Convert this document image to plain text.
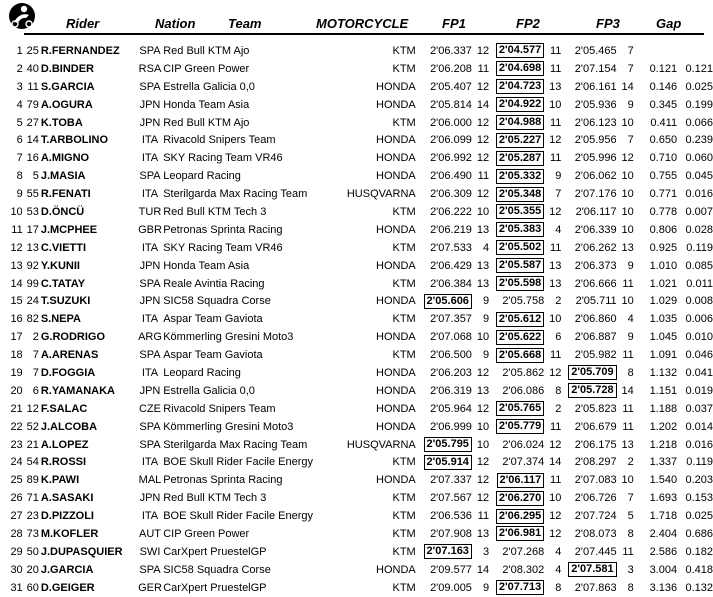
Rider	Nation	Team	MOTORCYCLE	FP1	FP2	FP3	Gap
1	25	R.FERNANDEZ	SPA	Red Bull KTM Ajo	KTM	2'06.337	12	2'04.577	11	2'05.465	7		
2	40	D.BINDER	RSA	CIP Green Power	KTM	2'06.208	11	2'04.698	11	2'07.154	7	0.121	0.121
3	11	S.GARCIA	SPA	Estrella Galicia 0,0	HONDA	2'05.407	12	2'04.723	13	2'06.161	14	0.146	0.025
4	79	A.OGURA	JPN	Honda Team Asia	HONDA	2'05.814	14	2'04.922	10	2'05.936	9	0.345	0.199
5	27	K.TOBA	JPN	Red Bull KTM Ajo	KTM	2'06.000	12	2'04.988	11	2'06.123	10	0.411	0.066
6	14	T.ARBOLINO	ITA	Rivacold Snipers Team	HONDA	2'06.099	12	2'05.227	12	2'05.956	7	0.650	0.239
7	16	A.MIGNO	ITA	SKY Racing Team VR46	HONDA	2'06.992	12	2'05.287	11	2'05.996	12	0.710	0.060
8	5	J.MASIA	SPA	Leopard Racing	HONDA	2'06.490	11	2'05.332	9	2'06.062	10	0.755	0.045
9	55	R.FENATI	ITA	Sterilgarda Max Racing Team	HUSQVARNA	2'06.309	12	2'05.348	7	2'07.176	10	0.771	0.016
10	53	D.ÖNCÜ	TUR	Red Bull KTM Tech 3	KTM	2'06.222	10	2'05.355	12	2'06.117	10	0.778	0.007
11	17	J.MCPHEE	GBR	Petronas Sprinta Racing	HONDA	2'06.219	13	2'05.383	4	2'06.339	10	0.806	0.028
12	13	C.VIETTI	ITA	SKY Racing Team VR46	KTM	2'07.533	4	2'05.502	11	2'06.262	13	0.925	0.119
13	92	Y.KUNII	JPN	Honda Team Asia	HONDA	2'06.429	13	2'05.587	13	2'06.373	9	1.010	0.085
14	99	C.TATAY	SPA	Reale Avintia Racing	KTM	2'06.384	13	2'05.598	13	2'06.666	11	1.021	0.011
15	24	T.SUZUKI	JPN	SIC58 Squadra Corse	HONDA	2'05.606	9	2'05.758	2	2'05.711	10	1.029	0.008
16	82	S.NEPA	ITA	Aspar Team Gaviota	KTM	2'07.357	9	2'05.612	10	2'06.860	4	1.035	0.006
17	2	G.RODRIGO	ARG	Kömmerling Gresini Moto3	HONDA	2'07.068	10	2'05.622	6	2'06.887	9	1.045	0.010
18	7	A.ARENAS	SPA	Aspar Team Gaviota	KTM	2'06.500	9	2'05.668	11	2'05.982	11	1.091	0.046
19	7	D.FOGGIA	ITA	Leopard Racing	HONDA	2'06.203	12	2'05.862	12	2'05.709	8	1.132	0.041
20	6	R.YAMANAKA	JPN	Estrella Galicia 0,0	HONDA	2'06.319	13	2'06.086	8	2'05.728	14	1.151	0.019
21	12	F.SALAC	CZE	Rivacold Snipers Team	HONDA	2'05.964	12	2'05.765	2	2'05.823	11	1.188	0.037
22	52	J.ALCOBA	SPA	Kömmerling Gresini Moto3	HONDA	2'06.999	10	2'05.779	11	2'06.679	11	1.202	0.014
23	21	A.LOPEZ	SPA	Sterilgarda Max Racing Team	HUSQVARNA	2'05.795	10	2'06.024	12	2'06.175	13	1.218	0.016
24	54	R.ROSSI	ITA	BOE Skull Rider Facile Energy	KTM	2'05.914	12	2'07.374	14	2'08.297	2	1.337	0.119
25	89	K.PAWI	MAL	Petronas Sprinta Racing	HONDA	2'07.337	12	2'06.117	11	2'07.083	10	1.540	0.203
26	71	A.SASAKI	JPN	Red Bull KTM Tech 3	KTM	2'07.567	12	2'06.270	10	2'06.726	7	1.693	0.153
27	23	D.PIZZOLI	ITA	BOE Skull Rider Facile Energy	KTM	2'06.536	11	2'06.295	12	2'07.724	5	1.718	0.025
28	73	M.KOFLER	AUT	CIP Green Power	KTM	2'07.908	13	2'06.981	12	2'08.073	8	2.404	0.686
29	50	J.DUPASQUIER	SWI	CarXpert PruestelGP	KTM	2'07.163	3	2'07.268	4	2'07.445	11	2.586	0.182
30	20	J.GARCIA	SPA	SIC58 Squadra Corse	HONDA	2'09.577	14	2'08.302	4	2'07.581	3	3.004	0.418
31	60	D.GEIGER	GER	CarXpert PruestelGP	KTM	2'09.005	9	2'07.713	8	2'07.863	8	3.136	0.132
